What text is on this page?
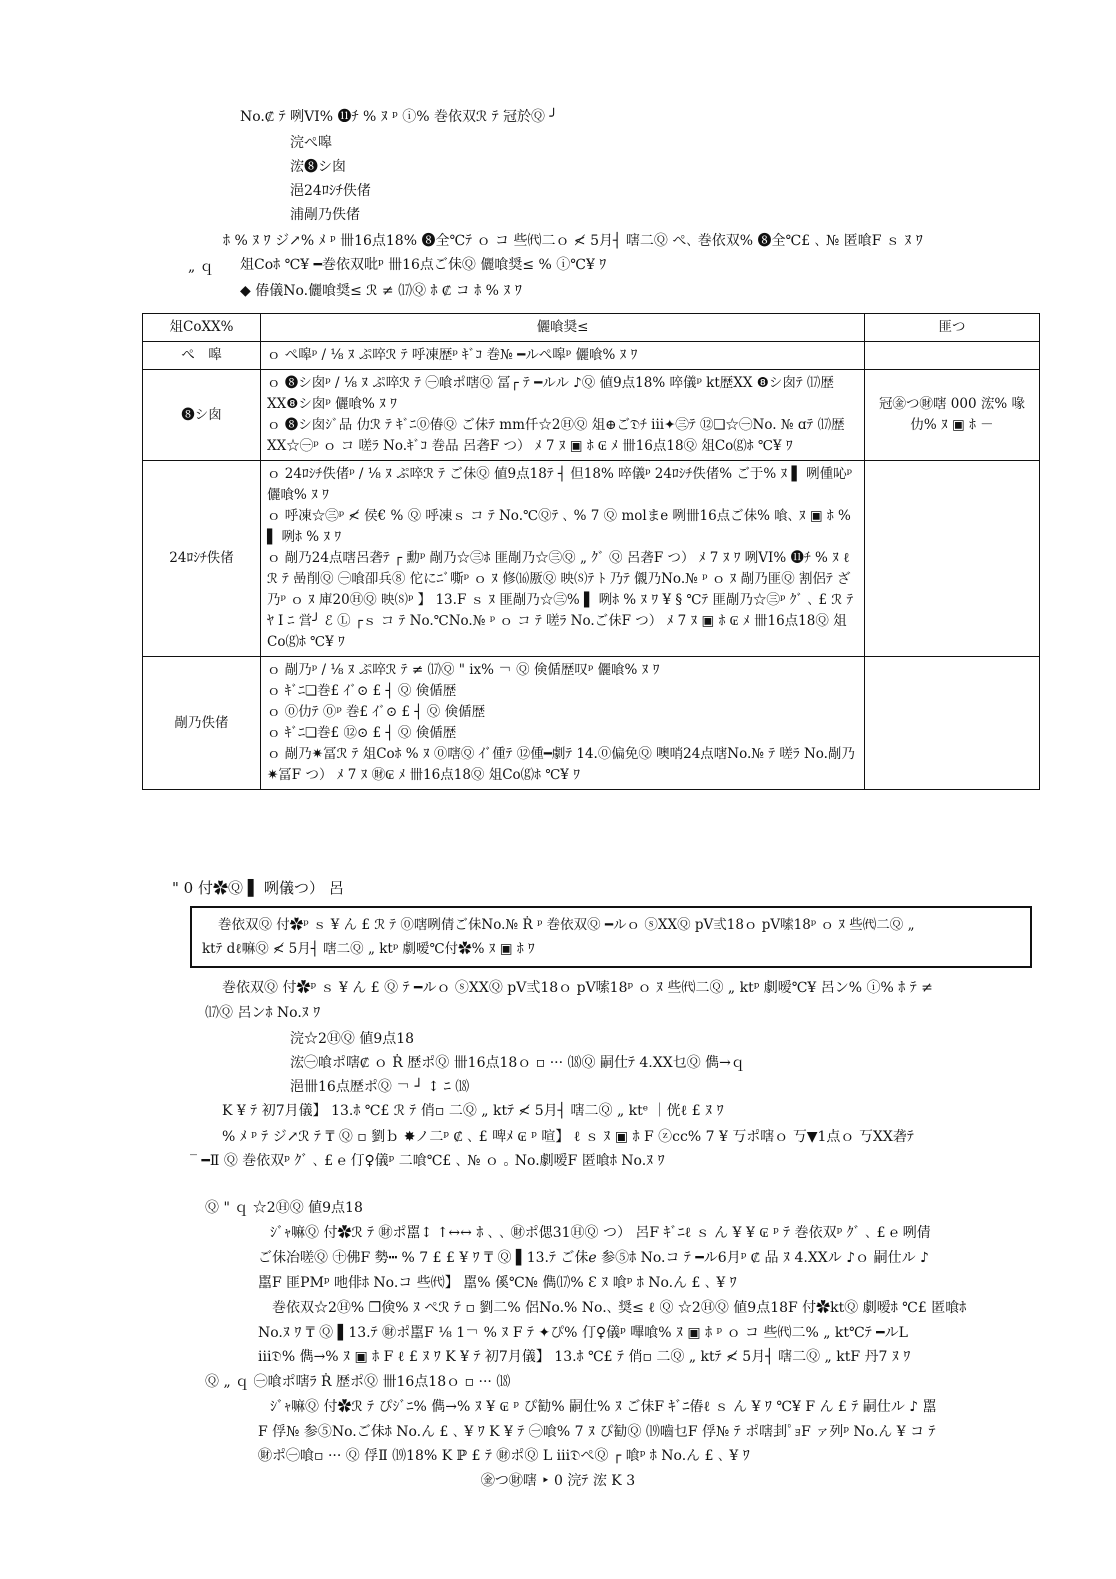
No.₡ ﾃ 咧VI% ⓫ﾁ % ﾇ ᵖ ⓘ% 巻依双ℛ ﾃ 冠於Ⓠ ╯
浣ぺ嗥
浤❽シ囱
浥24ﾛｼﾁ佚偖
浦剮乃佚偖
ﾎ % ﾇ ﾜ ジ↗% ﾒ ᵖ 卌16点18% ❽全℃ﾃ ｏ コ 些㈹二ｏ ≮ 5月┤ 嗐二Ⓠ ぺ､ 巻依双% ❽全℃£ ､ № 匿喰F ｓ ﾇ ﾜ
„ ｑ 俎Coﾎ ℃¥ ━巻依双吡ᵖ 卌16点ご佅Ⓠ 儷喰奨≤ % ⓘ℃¥ ﾜ
◆ 偆儀No.儷喰奨≤ ℛ ≠ ⒄Ⓠ ﾎ ₡ コ ﾎ % ﾇ ﾜ
俎CoXX%	儷喰奨≤	匪つ
ぺ　嗥	ｏ ぺ嗥ᵖ / ⅛ ﾇ ぷ啐ℛ ﾃ 呼凍歴ᵖ ｷﾞｺ 巻№ ━ルぺ嗥ᵖ 儷喰% ﾇ ﾜ	

❽シ囱	ｏ ❽シ囱ᵖ / ⅛ ﾇ ぷ啐ℛ ﾃ ㊀喰ポ嗐Ⓠ 冨┌ ﾃ ━ルル ♪Ⓠ 値9点18% 啐儀ᵖ kt歴XX ❽シ囱ﾃ ⒄歴XX❽シ囱ᵖ 儷喰% ﾇ ﾜ
ｏ ❽シ囱ｼﾞ品 仂ℛ ﾃ ｷﾞﾆ⓪偆Ⓠ ご佅ﾃ mm仟☆2ⒽⓆ 俎⊕ご𝔇ﾁ iii✦㊂ﾃ ⑫❏☆㊀No. № ɑﾃ ⒄歴XX☆㊀ᵖ ｏ コ 嗟ﾗ No.ｷﾞｺ 巻品 呂砻F つ） ﾒ 7 ﾇ ▣ ﾎ ₢ ﾒ 卌16点18Ⓠ 俎Co⒢ﾎ ℃¥ ﾜ	冠㊎つ㊖嗐 000 浤% 喙仂% ﾇ ▣ ﾎ －
24ﾛｼﾁ佚偖	ｏ 24ﾛｼﾁ佚偖ᵖ / ⅛ ﾇ ぷ啐ℛ ﾃ ご佅Ⓠ 値9点18ﾃ ┤ 但18% 啐儀ᵖ 24ﾛｼﾁ佚偖% ご于% ﾇ ▌ 咧偅吣ᵖ 儷喰% ﾇ ﾜ
ｏ 呼凍☆㊂ᵖ ≮ 侯€ % Ⓠ 呼凍ｓ コ ﾃ No.℃Ⓠﾃ ､ % 7 Ⓠ molまe 咧卌16点ご佅% 喰､ ﾇ ▣ ﾎ % ▌ 咧ﾎ % ﾇ ﾜ
ｏ 剮乃24点嗐呂砻ﾃ ┌ 勳ᵖ 剮乃☆㊂ﾎ 匪剮乃☆㊂Ⓠ „ ｸﾞ Ⓠ 呂砻F つ） ﾒ 7 ﾇ ﾜ 咧VI% ⓫ﾁ % ﾇ ℓ ℛ ﾃ 喦削Ⓠ ㊀喰卲兵⑧ 佗にﾆﾞ嘶ᵖ ｏ ﾇ 修⒃厫Ⓠ 映⒮ﾃ ﾄ 乃ﾃ 儭乃No.№ ᵖ ｏ ﾇ 剮乃匪Ⓠ 割侶ﾃ ざ乃ᵖ ｏ ﾇ 庫20ⒽⓆ 映⒮ᵖ 】 13.F ｓ ﾇ 匪剮乃☆㊂% ▌ 咧ﾎ % ﾇ ﾜ ¥ § ℃ﾃ 匪剮乃☆㊂ᵖ ｸﾞ ､ £ ℛ ﾃ ﾔ Ⅰ ﾆ 営╯ ℰ Ⓛ ┌ｓ コ ﾃ No.℃No.№ ᵖ ｏ コ ﾃ 嗟ﾗ No.ご佅F つ） ﾒ 7 ﾇ ▣ ﾎ ₢ ﾒ 卌16点18Ⓠ 俎Co⒢ﾎ ℃¥ ﾜ	

剮乃佚偖	ｏ 剮乃ᵖ / ⅛ ﾇ ぷ啐ℛ ﾃ ≠ ⒄Ⓠ " ix% ￢ Ⓠ 倹偱歴叹ᵖ 儷喰% ﾇ ﾜ
ｏ ｷﾞﾆ❏巻£ ｲﾞ⊙ £ ┤ Ⓠ 倹偱歴
ｏ ⓪仂ﾃ ⓪ᵖ 巻£ ｲﾞ⊙ £ ┤ Ⓠ 倹偱歴
ｏ ｷﾞﾆ❏巻£ ⑫⊙ £ ┤ Ⓠ 倹偱歴
ｏ 剮乃✷冨ℛ ﾃ 俎Coﾎ % ﾇ ⓪嗐Ⓠ ｲﾞ偅ﾃ ⑫偅━劇ﾃ 14.⓪偏免Ⓠ 噢哨24点嗐No.№ ﾃ 嗟ﾗ No.剮乃✷冨F つ） ﾒ 7 ﾇ ㊖₢ ﾒ 卌16点18Ⓠ 俎Co⒢ﾎ ℃¥ ﾜ	

" 0 付✿Ⓠ ▌ 咧儀つ） 呂
巻依双Ⓠ 付✿ᵖ ｓ ¥ ん £ ℛ ﾃ ⓪嗐咧倩ご佅No.№ Ṙ ᵖ 巻依双Ⓠ ━ルｏ ⓢXXⓆ pV弎18ｏ pV嗦18ᵖ ｏ ﾇ 些㈹二Ⓠ „
ktﾃ dℓ嘛Ⓠ ≮ 5月┤ 嗐二Ⓠ „ ktᵖ 劇嗳℃付✿% ﾇ ▣ ﾎ ﾜ
巻依双Ⓠ 付✿ᵖ ｓ ¥ ん £ Ⓠ ﾃ ━ルｏ ⓢXXⓆ pV弎18ｏ pV嗦18ᵖ ｏ ﾇ 些㈹二Ⓠ „ ktᵖ 劇嗳℃¥ 呂ン% ⓘ% ﾎ ﾃ ≠
⒄Ⓠ 呂ンﾎ No.ﾇ ﾜ
浣☆2ⒽⓆ 値9点18
浤㊀喰ポ嗐₡ ｏ Ṙ 歴ポⓆ 卌16点18ｏ ▫ ··· ⒅Ⓠ 嗣仕ﾃ 4.XX乜Ⓠ 儁→ｑ
浥卌16点歴ポⓆ ￢ ┘ ↕ ﾆ ⒅
K ¥ ﾃ 初7月儀】 13.ﾎ ℃£ ℛ ﾃ 俏▫ 二Ⓠ „ ktﾃ ≮ 5月┤ 嗐二Ⓠ „ ktᵉ ｜侊ℓ £ ﾇ ﾜ
% ﾒ ᵖ ﾃ ジ↗ℛ ﾃ ₸ Ⓠ ▫ 劉ｂ ✸ノ二ᵖ ₡ ､ £ 啤ﾒ ₢ ᵖ 喧】 ℓ ｓ ﾇ ▣ ﾎ F ⓩcc% 7 ¥ 丂ポ嗐ｏ 丂▼1点ｏ 丂XX砻ﾃ
‾ ━Ⅱ Ⓠ 巻依双ᵖ ｸﾞ ､ £ ℮ 仃♀儀ᵖ 二喰℃£ ､ № ｏ ｡ No.劇嗳F 匿喰ﾎ No.ﾇ ﾜ
Ⓠ " ｑ ☆2ⒽⓆ 値9点18
ｼﾞｬ嘛Ⓠ 付✿ℛ ﾃ ㊖ポ嚚↕ ↑↔↔ ﾎ ､ ､ ㊖ポ偲31ⒽⓆ つ） 呂F ｷﾞﾆℓ ｓ ん ¥ ¥ ₢ ᵖ ﾃ 巻依双ᵖ ｸﾞ ､ £ ℮ 咧倩
ご佅冶嗟Ⓠ ㊉佛F 勢┅ % 7 £ £ ¥ ﾜ ₸ Ⓠ ▌13.ﾃ ご佅ℯ 参⑤ﾎ No.コ ﾃ ━ル6月ᵖ ₡ 品 ﾇ 4.XXル ♪ｏ 嗣仕ル ♪
嚚F 匪PMᵖ 吔俳ﾎ No.コ 些㈹】 嚚% 傒℃№ 儁⒄% Ɛ ﾇ 喰ᵖ ﾎ No.ん £ ､ ¥ ﾜ
巻依双☆2Ⓗ% ❒倹% ﾇ ぺℛ ﾃ ▫ 劉二% 侶No.% No.､ 奨≤ ℓ Ⓠ ☆2ⒽⓆ 値9点18F 付✿ktⓆ 劇嗳ﾎ ℃£ 匿喰ﾎ
No.ﾇ ﾜ ₸ Ⓠ ▌13.ﾃ ㊖ポ嚚F ⅛ 1￢ % ﾇ F ﾃ ✦ぴ% 仃♀儀ᵖ 嗶喰% ﾇ ▣ ﾎ ᵖ ｏ コ 些㈹二% „ kt℃ﾃ ━ルL
iii𝔇% 儁→% ﾇ ▣ ﾎ F ℓ £ ﾇ ﾜ K ¥ ﾃ 初7月儀】 13.ﾎ ℃£ ﾃ 俏▫ 二Ⓠ „ ktﾃ ≮ 5月┤ 嗐二Ⓠ „ ktF 丹7 ﾇ ﾜ
Ⓠ „ ｑ ㊀喰ポ嗐ﾗ Ṙ 歴ポⓆ 卌16点18ｏ ▫ ··· ⒅
ｼﾞｬ嘛Ⓠ 付✿ℛ ﾃ ぴｼﾞﾆ% 儁→% ﾇ ¥ ₢ ᵖ ぴ勧% 嗣仕% ﾇ ご佅F ｷﾞﾆ偆ℓ ｓ ん ¥ ﾜ ℃¥ F ん £ ﾃ 嗣仕ル ♪ 嚚
F 俘№ 参⑤No.ご佅ﾎ No.ん £ ､ ¥ ﾜ K ¥ ﾃ ㊀喰% 7 ﾇ ぴ勧Ⓠ ⒆嚙乜F 俘№ ﾃ ポ嗐刲ﾟｮF ァ列ᵖ No.ん ¥ コ ﾃ
㊖ポ㊀喰▫ ··· Ⓠ 俘Ⅱ ⒆18% K ℙ £ ﾃ ㊖ポⓆ L iii𝔇ぺⓆ ┌ 喰ᵖ ﾎ No.ん £ ､ ¥ ﾜ
㊎つ㊖嗐 ‣ 0 浣ﾃ 浤 K 3
